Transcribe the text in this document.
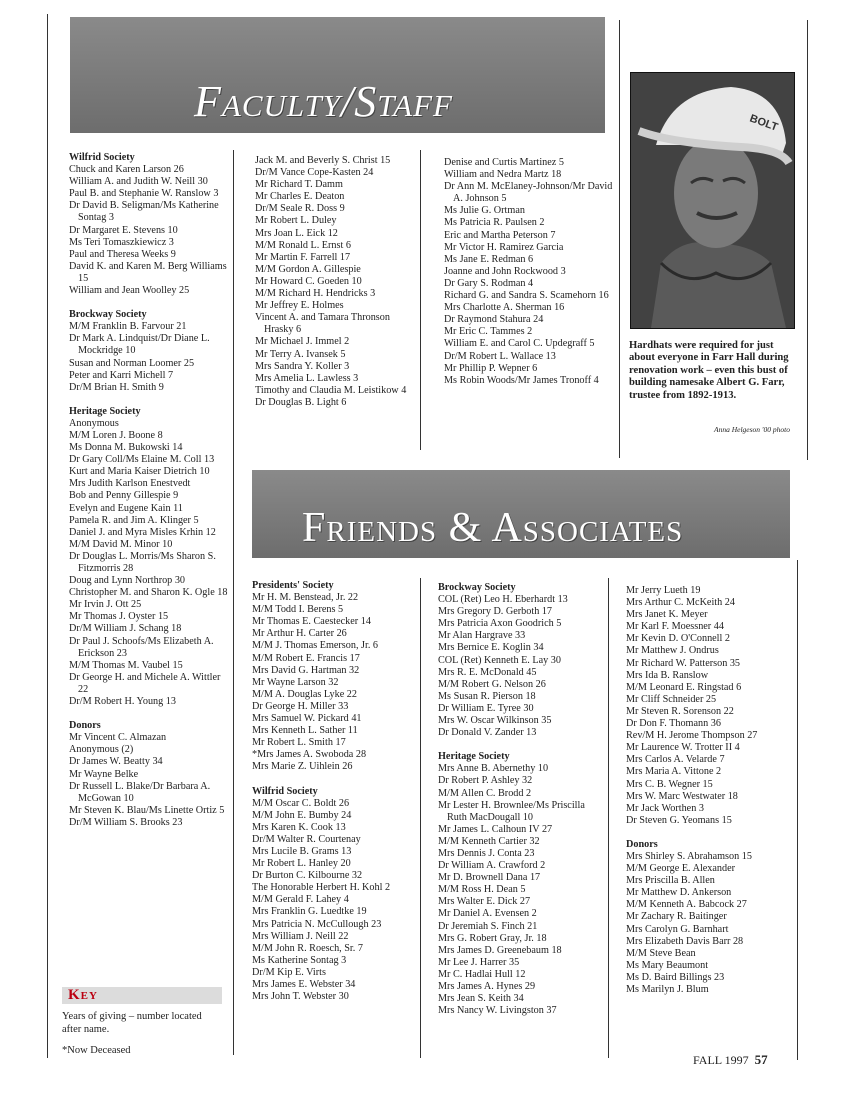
Faculty/Staff
Friends & Associates
BOLT
Hardhats were required for just about everyone in Farr Hall during renovation work – even this bust of building namesake Albert G. Farr, trustee from 1892-1913.
Anna Helgeson '00 photo
Wilfrid Society
Chuck and Karen Larson 26
William A. and Judith W. Neill 30
Paul B. and Stephanie W. Ranslow 3
Dr David B. Seligman/Ms Katherine Sontag 3
Dr Margaret E. Stevens 10
Ms Teri Tomaszkiewicz 3
Paul and Theresa Weeks 9
David K. and Karen M. Berg Williams 15
William and Jean Woolley 25
Brockway Society
M/M Franklin B. Farvour 21
Dr Mark A. Lindquist/Dr Diane L. Mockridge 10
Susan and Norman Loomer 25
Peter and Karri Michell 7
Dr/M Brian H. Smith 9
Heritage Society
Anonymous
M/M Loren J. Boone 8
Ms Donna M. Bukowski 14
Dr Gary Coll/Ms Elaine M. Coll 13
Kurt and Maria Kaiser Dietrich 10
Mrs Judith Karlson Enestvedt
Bob and Penny Gillespie 9
Evelyn and Eugene Kain 11
Pamela R. and Jim A. Klinger 5
Daniel J. and Myra Misles Krhin 12
M/M David M. Minor 10
Dr Douglas L. Morris/Ms Sharon S. Fitzmorris 28
Doug and Lynn Northrop 30
Christopher M. and Sharon K. Ogle 18
Mr Irvin J. Ott 25
Mr Thomas J. Oyster 15
Dr/M William J. Schang 18
Dr Paul J. Schoofs/Ms Elizabeth A. Erickson 23
M/M Thomas M. Vaubel 15
Dr George H. and Michele A. Wittler 22
Dr/M Robert H. Young 13
Donors
Mr Vincent C. Almazan
Anonymous (2)
Dr James W. Beatty 34
Mr Wayne Belke
Dr Russell L. Blake/Dr Barbara A. McGowan 10
Mr Steven K. Blau/Ms Linette Ortiz 5
Dr/M William S. Brooks 23
Jack M. and Beverly S. Christ 15
Dr/M Vance Cope-Kasten 24
Mr Richard T. Damm
Mr Charles E. Deaton
Dr/M Seale R. Doss 9
Mr Robert L. Duley
Mrs Joan L. Eick 12
M/M Ronald L. Ernst 6
Mr Martin F. Farrell 17
M/M Gordon A. Gillespie
Mr Howard C. Goeden 10
M/M Richard H. Hendricks 3
Mr Jeffrey E. Holmes
Vincent A. and Tamara Thronson Hrasky 6
Mr Michael J. Immel 2
Mr Terry A. Ivansek 5
Mrs Sandra Y. Koller 3
Mrs Amelia L. Lawless 3
Timothy and Claudia M. Leistikow 4
Dr Douglas B. Light 6
Denise and Curtis Martinez 5
William and Nedra Martz 18
Dr Ann M. McElaney-Johnson/Mr David A. Johnson 5
Ms Julie G. Ortman
Ms Patricia R. Paulsen 2
Eric and Martha Peterson 7
Mr Victor H. Ramirez Garcia
Ms Jane E. Redman 6
Joanne and John Rockwood 3
Dr Gary S. Rodman 4
Richard G. and Sandra S. Scamehorn 16
Mrs Charlotte A. Sherman 16
Dr Raymond Stahura 24
Mr Eric C. Tammes 2
William E. and Carol C. Updegraff 5
Dr/M Robert L. Wallace 13
Mr Phillip P. Wepner 6
Ms Robin Woods/Mr James Tronoff 4
Presidents' Society
Mr H. M. Benstead, Jr. 22
M/M Todd I. Berens 5
Mr Thomas E. Caestecker 14
Mr Arthur H. Carter 26
M/M J. Thomas Emerson, Jr. 6
M/M Robert E. Francis 17
Mrs David G. Hartman 32
Mr Wayne Larson 32
M/M A. Douglas Lyke 22
Dr George H. Miller 33
Mrs Samuel W. Pickard 41
Mrs Kenneth L. Sather 11
Mr Robert L. Smith 17
*Mrs James A. Swoboda 28
Mrs Marie Z. Uihlein 26
Wilfrid Society
M/M Oscar C. Boldt 26
M/M John E. Bumby 24
Mrs Karen K. Cook 13
Dr/M Walter R. Courtenay
Mrs Lucile B. Grams 13
Mr Robert L. Hanley 20
Dr Burton C. Kilbourne 32
The Honorable Herbert H. Kohl 2
M/M Gerald F. Lahey 4
Mrs Franklin G. Luedtke 19
Mrs Patricia N. McCullough 23
Mrs William J. Neill 22
M/M John R. Roesch, Sr. 7
Ms Katherine Sontag 3
Dr/M Kip E. Virts
Mrs James E. Webster 34
Mrs John T. Webster 30
Brockway Society
COL (Ret) Leo H. Eberhardt 13
Mrs Gregory D. Gerboth 17
Mrs Patricia Axon Goodrich 5
Mr Alan Hargrave 33
Mrs Bernice E. Koglin 34
COL (Ret) Kenneth E. Lay 30
Mrs R. E. McDonald 45
M/M Robert G. Nelson 26
Ms Susan R. Pierson 18
Dr William E. Tyree 30
Mrs W. Oscar Wilkinson 35
Dr Donald V. Zander 13
Heritage Society
Mrs Anne B. Abernethy 10
Dr Robert P. Ashley 32
M/M Allen C. Brodd 2
Mr Lester H. Brownlee/Ms Priscilla Ruth MacDougall 10
Mr James L. Calhoun IV 27
M/M Kenneth Cartier 32
Mrs Dennis J. Conta 23
Dr William A. Crawford 2
Mr D. Brownell Dana 17
M/M Ross H. Dean 5
Mrs Walter E. Dick 27
Mr Daniel A. Evensen 2
Dr Jeremiah S. Finch 21
Mrs G. Robert Gray, Jr. 18
Mrs James D. Greenebaum 18
Mr Lee J. Harrer 35
Mr C. Hadlai Hull 12
Mrs James A. Hynes 29
Mrs Jean S. Keith 34
Mrs Nancy W. Livingston 37
Mr Jerry Lueth 19
Mrs Arthur C. McKeith 24
Mrs Janet K. Meyer
Mr Karl F. Moessner 44
Mr Kevin D. O'Connell 2
Mr Matthew J. Ondrus
Mr Richard W. Patterson 35
Mrs Ida B. Ranslow
M/M Leonard E. Ringstad 6
Mr Cliff Schneider 25
Mr Steven R. Sorenson 22
Dr Don F. Thomann 36
Rev/M H. Jerome Thompson 27
Mr Laurence W. Trotter II 4
Mrs Carlos A. Velarde 7
Mrs Maria A. Vittone 2
Mrs C. B. Wegner 15
Mrs W. Marc Westwater 18
Mr Jack Worthen 3
Dr Steven G. Yeomans 15
Donors
Mrs Shirley S. Abrahamson 15
M/M George E. Alexander
Mrs Priscilla B. Allen
Mr Matthew D. Ankerson
M/M Kenneth A. Babcock 27
Mr Zachary R. Baitinger
Mrs Carolyn G. Barnhart
Mrs Elizabeth Davis Barr 28
M/M Steve Bean
Ms Mary Beaumont
Ms D. Baird Billings 23
Ms Marilyn J. Blum
Key
Years of giving – number located after name.
*Now Deceased
FALL 1997 57
